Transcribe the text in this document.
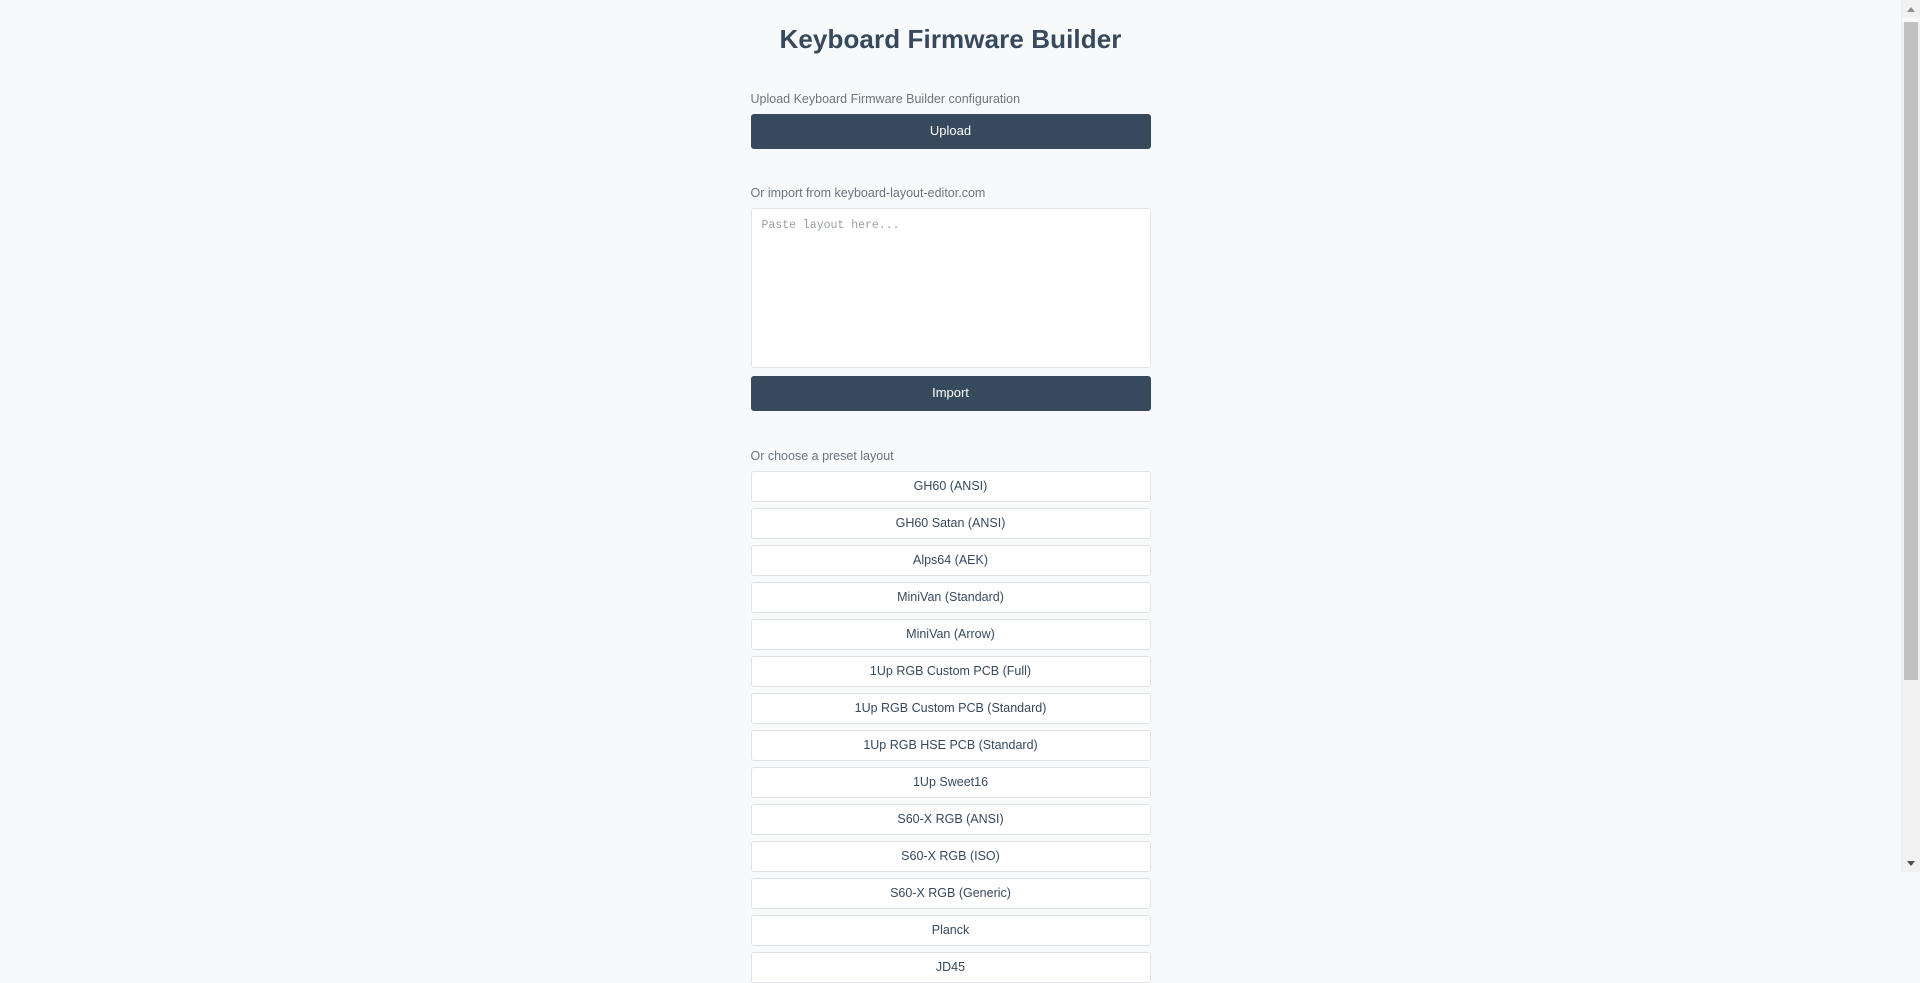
Keyboard Firmware Builder
Upload Keyboard Firmware Builder configuration
Upload
Or import from keyboard-layout-editor.com
Paste layout here...
Import
Or choose a preset layout
GH60 (ANSI)
GH60 Satan (ANSI)
Alps64 (AEK)
MiniVan (Standard)
MiniVan (Arrow)
1Up RGB Custom PCB (Full)
1Up RGB Custom PCB (Standard)
1Up RGB HSE PCB (Standard)
1Up Sweet16
S60-X RGB (ANSI)
S60-X RGB (ISO)
S60-X RGB (Generic)
Planck
JD45
